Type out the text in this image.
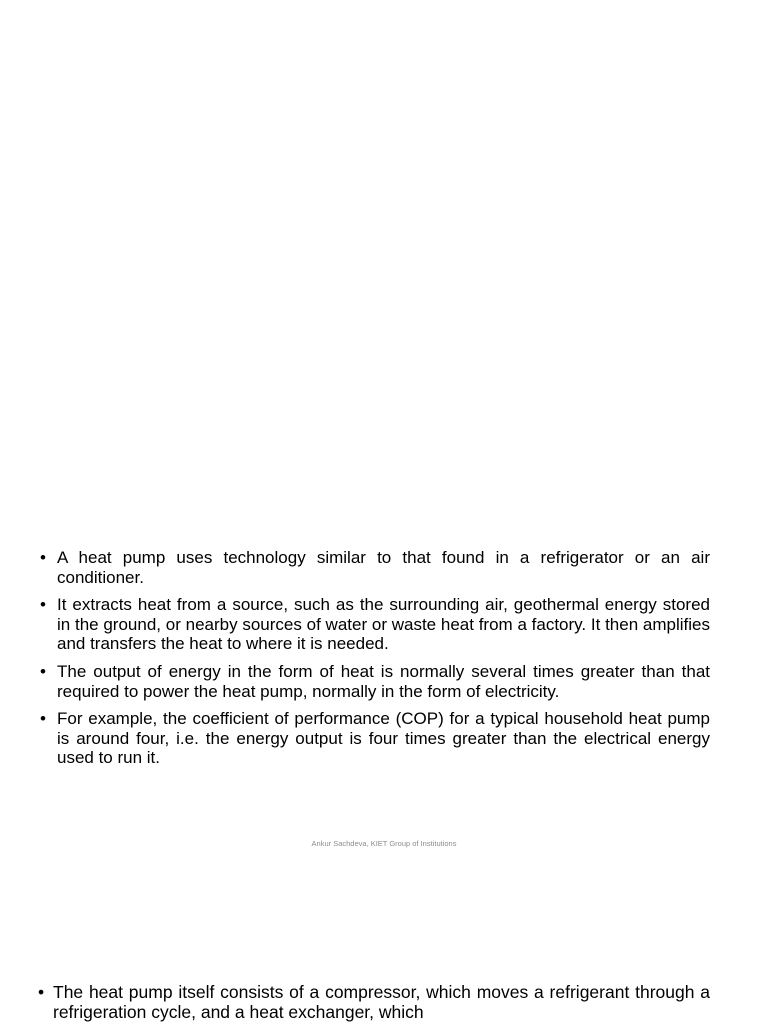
• A heat pump uses technology similar to that found in a refrigerator or an air conditioner.
• It extracts heat from a source, such as the surrounding air, geothermal energy stored in the ground, or nearby sources of water or waste heat from a factory. It then amplifies and transfers the heat to where it is needed.
• The output of energy in the form of heat is normally several times greater than that required to power the heat pump, normally in the form of electricity.
• For example, the coefficient of performance (COP) for a typical household heat pump is around four, i.e. the energy output is four times greater than the electrical energy used to run it.
Ankur Sachdeva, KIET Group of Institutions
• The heat pump itself consists of a compressor, which moves a refrigerant through a refrigeration cycle, and a heat exchanger, which
